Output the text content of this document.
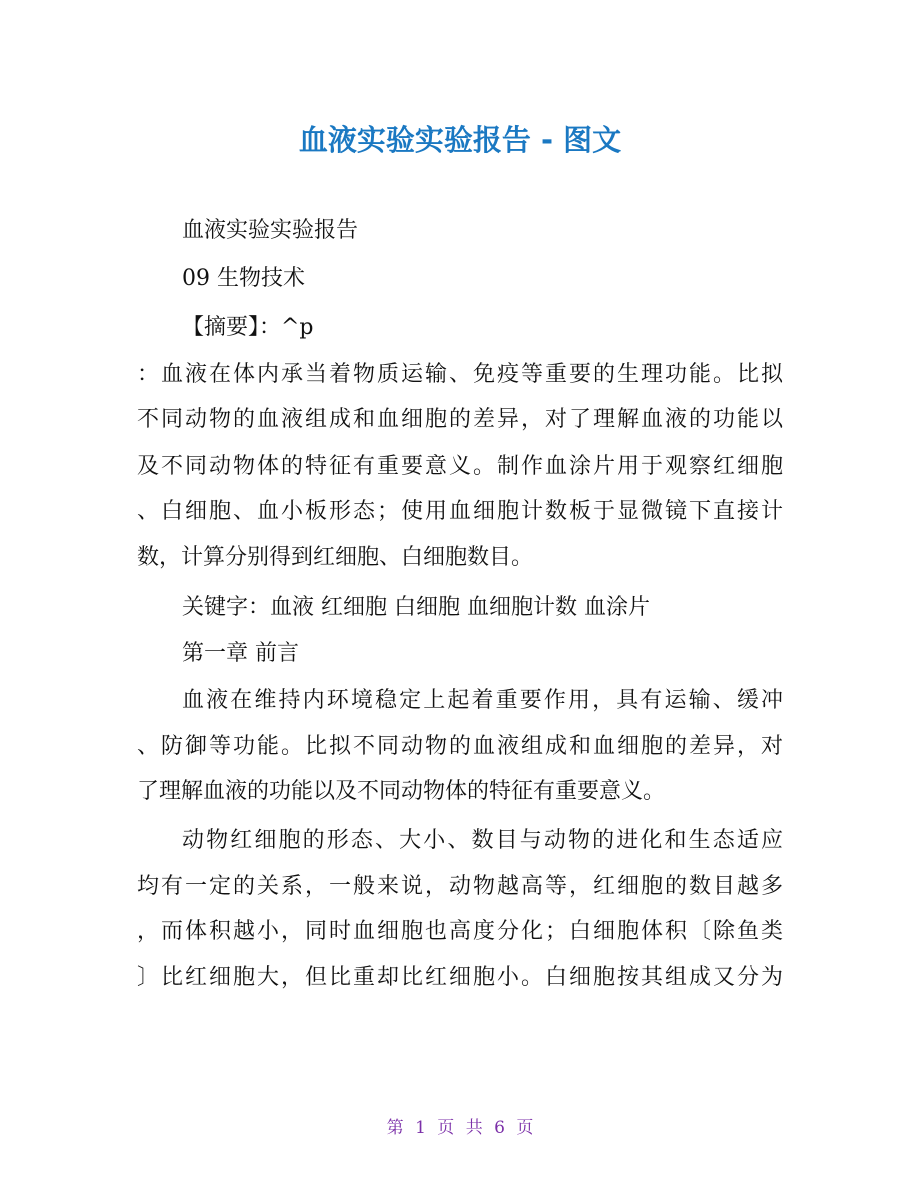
血液实验实验报告 - 图文
血液实验实验报告
09 生物技术
【摘要】：^p
：血液在体内承当着物质运输、免疫等重要的生理功能。比拟
不同动物的血液组成和血细胞的差异，对了理解血液的功能以
及不同动物体的特征有重要意义。制作血涂片用于观察红细胞
、白细胞、血小板形态；使用血细胞计数板于显微镜下直接计
数，计算分别得到红细胞、白细胞数目。
关键字：血液 红细胞 白细胞 血细胞计数 血涂片
第一章 前言
血液在维持内环境稳定上起着重要作用，具有运输、缓冲
、防御等功能。比拟不同动物的血液组成和血细胞的差异，对
了理解血液的功能以及不同动物体的特征有重要意义。
动物红细胞的形态、大小、数目与动物的进化和生态适应
均有一定的关系，一般来说，动物越高等，红细胞的数目越多
，而体积越小，同时血细胞也高度分化；白细胞体积〔除鱼类
〕比红细胞大，但比重却比红细胞小。白细胞按其组成又分为
第 1 页 共 6 页
